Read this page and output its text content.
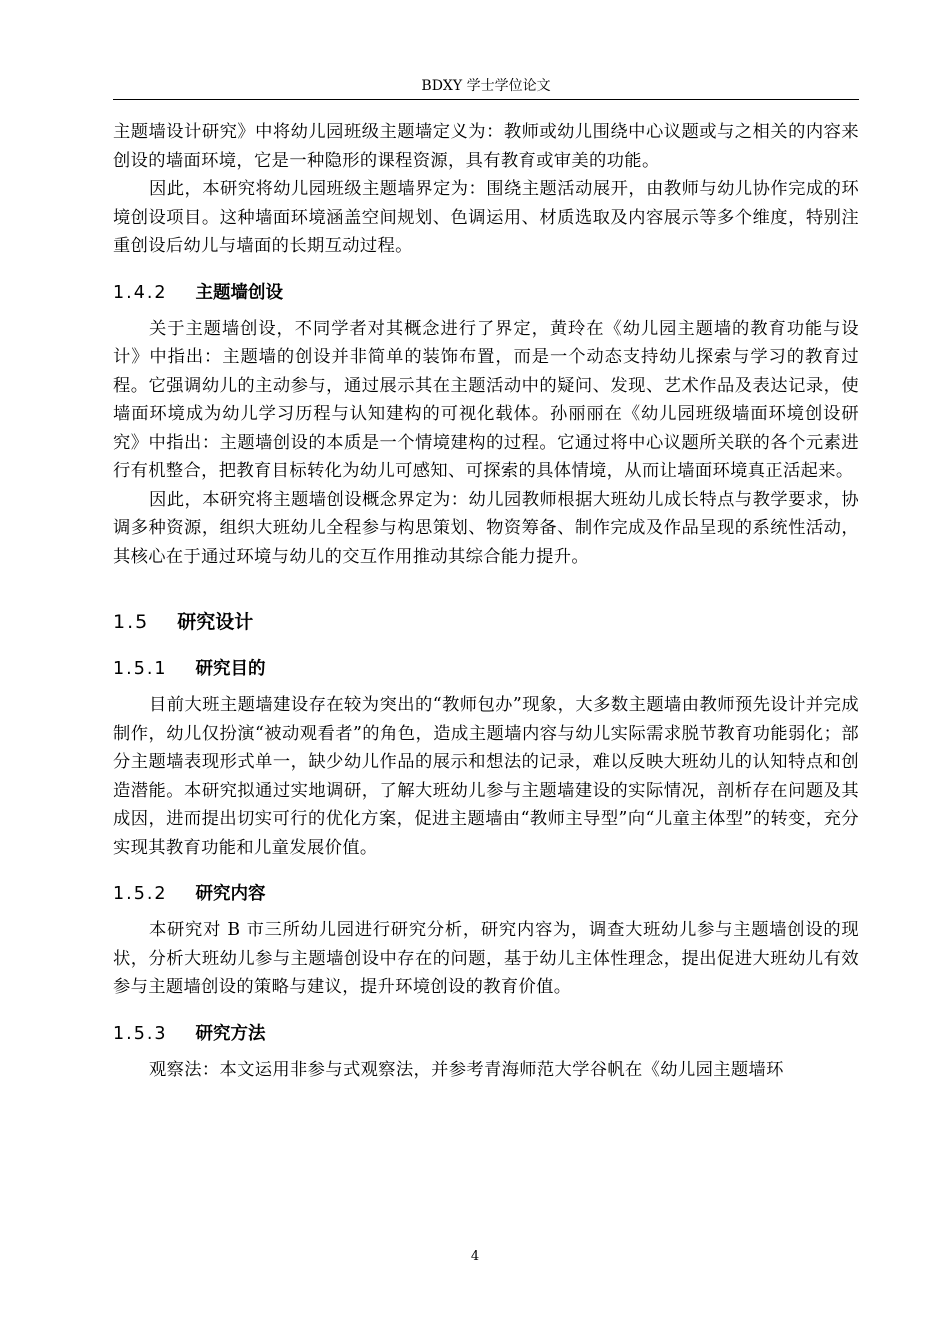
BDXY 学士学位论文

主题墙设计研究》中将幼儿园班级主题墙定义为：教师或幼儿围绕中心议题或与之相关的内容来创设的墙面环境，它是一种隐形的课程资源，具有教育或审美的功能。

因此，本研究将幼儿园班级主题墙界定为：围绕主题活动展开，由教师与幼儿协作完成的环境创设项目。这种墙面环境涵盖空间规划、色调运用、材质选取及内容展示等多个维度，特别注重创设后幼儿与墙面的长期互动过程。

1.4.2 主题墙创设

关于主题墙创设，不同学者对其概念进行了界定，黄玲在《幼儿园主题墙的教育功能与设计》中指出：主题墙的创设并非简单的装饰布置，而是一个动态支持幼儿探索与学习的教育过程。它强调幼儿的主动参与，通过展示其在主题活动中的疑问、发现、艺术作品及表达记录，使墙面环境成为幼儿学习历程与认知建构的可视化载体。孙丽丽在《幼儿园班级墙面环境创设研究》中指出：主题墙创设的本质是一个情境建构的过程。它通过将中心议题所关联的各个元素进行有机整合，把教育目标转化为幼儿可感知、可探索的具体情境，从而让墙面环境真正活起来。

因此，本研究将主题墙创设概念界定为：幼儿园教师根据大班幼儿成长特点与教学要求，协调多种资源，组织大班幼儿全程参与构思策划、物资筹备、制作完成及作品呈现的系统性活动，其核心在于通过环境与幼儿的交互作用推动其综合能力提升。

1.5 研究设计
1.5.1 研究目的

目前大班主题墙建设存在较为突出的“教师包办”现象，大多数主题墙由教师预先设计并完成制作，幼儿仅扮演“被动观看者”的角色，造成主题墙内容与幼儿实际需求脱节教育功能弱化；部分主题墙表现形式单一，缺少幼儿作品的展示和想法的记录，难以反映大班幼儿的认知特点和创造潜能。本研究拟通过实地调研，了解大班幼儿参与主题墙建设的实际情况，剖析存在问题及其成因，进而提出切实可行的优化方案，促进主题墙由“教师主导型”向“儿童主体型”的转变，充分实现其教育功能和儿童发展价值。

1.5.2 研究内容

本研究对 B 市三所幼儿园进行研究分析，研究内容为，调查大班幼儿参与主题墙创设的现状，分析大班幼儿参与主题墙创设中存在的问题，基于幼儿主体性理念，提出促进大班幼儿有效参与主题墙创设的策略与建议，提升环境创设的教育价值。

1.5.3 研究方法

观察法：本文运用非参与式观察法，并参考青海师范大学谷帆在《幼儿园主题墙环

4
